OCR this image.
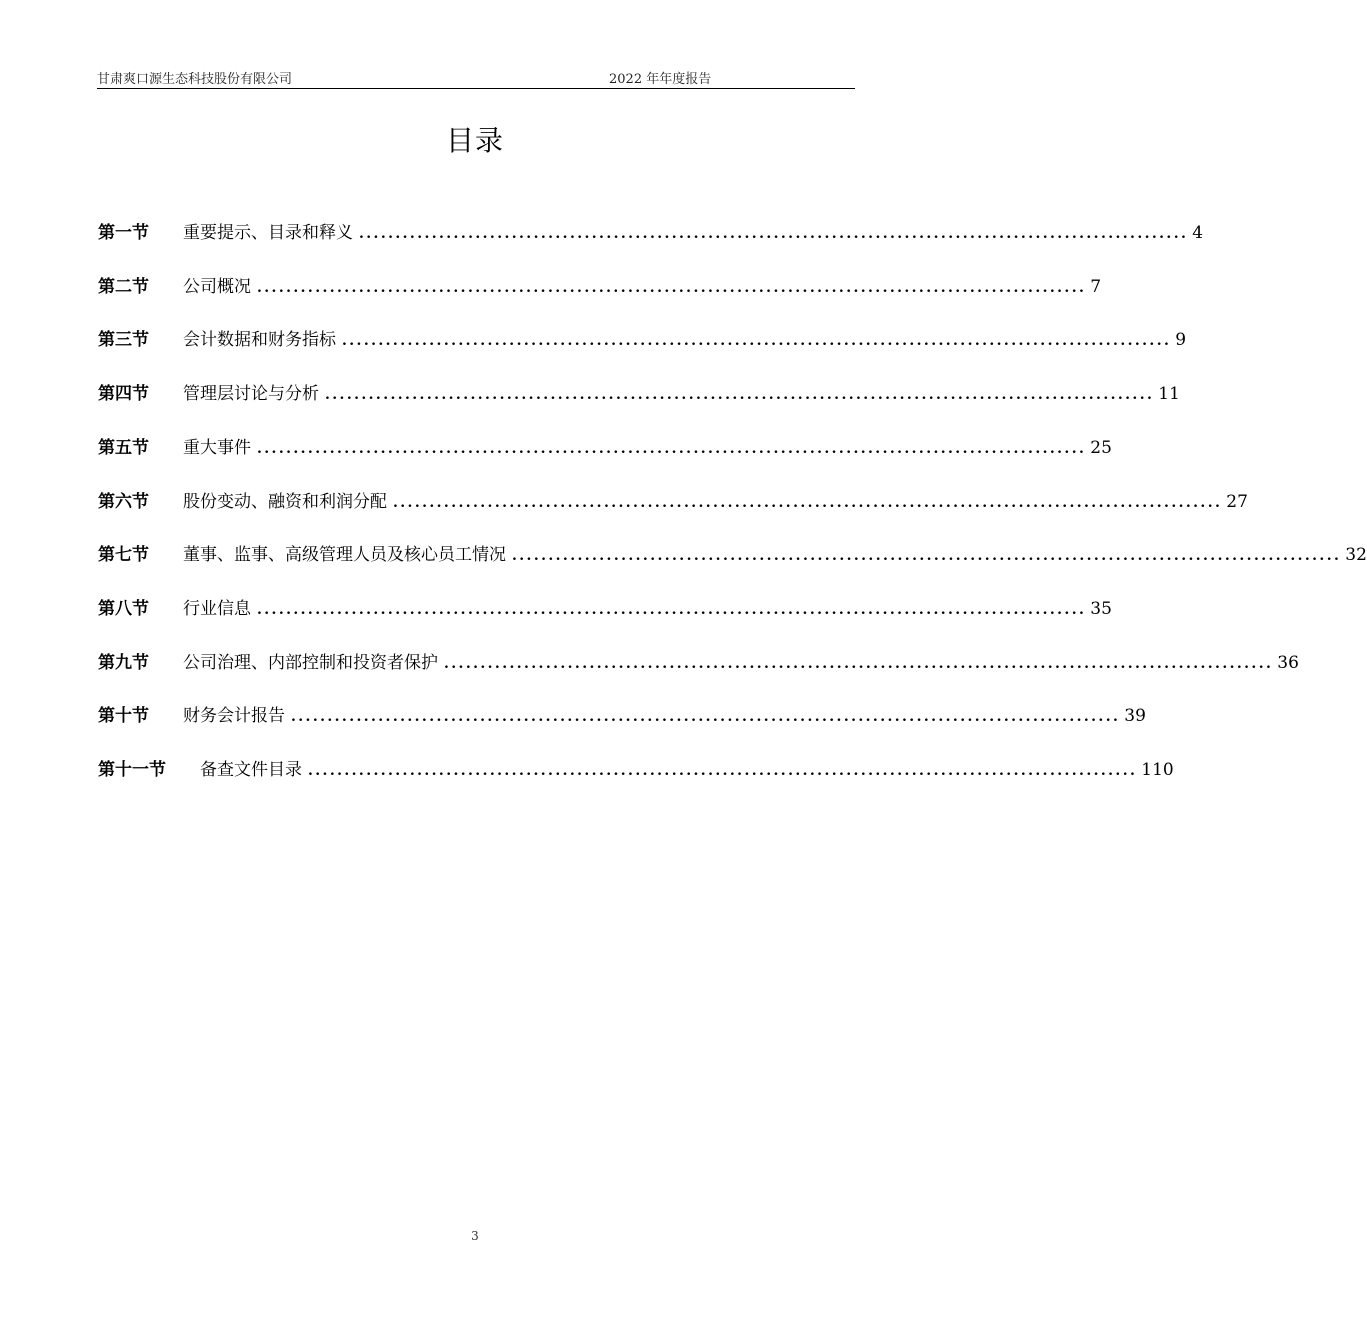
甘肃爽口源生态科技股份有限公司	2022 年年度报告
目录
第一节	重要提示、目录和释义 .................................................................................................................. 4
第二节	公司概况 .................................................................................................................. 7
第三节	会计数据和财务指标 .................................................................................................................. 9
第四节	管理层讨论与分析 .................................................................................................................. 11
第五节	重大事件 .................................................................................................................. 25
第六节	股份变动、融资和利润分配 .................................................................................................................. 27
第七节	董事、监事、高级管理人员及核心员工情况 .................................................................................................................. 32
第八节	行业信息 .................................................................................................................. 35
第九节	公司治理、内部控制和投资者保护 .................................................................................................................. 36
第十节	财务会计报告 .................................................................................................................. 39
第十一节	备查文件目录 .................................................................................................................. 110
3
